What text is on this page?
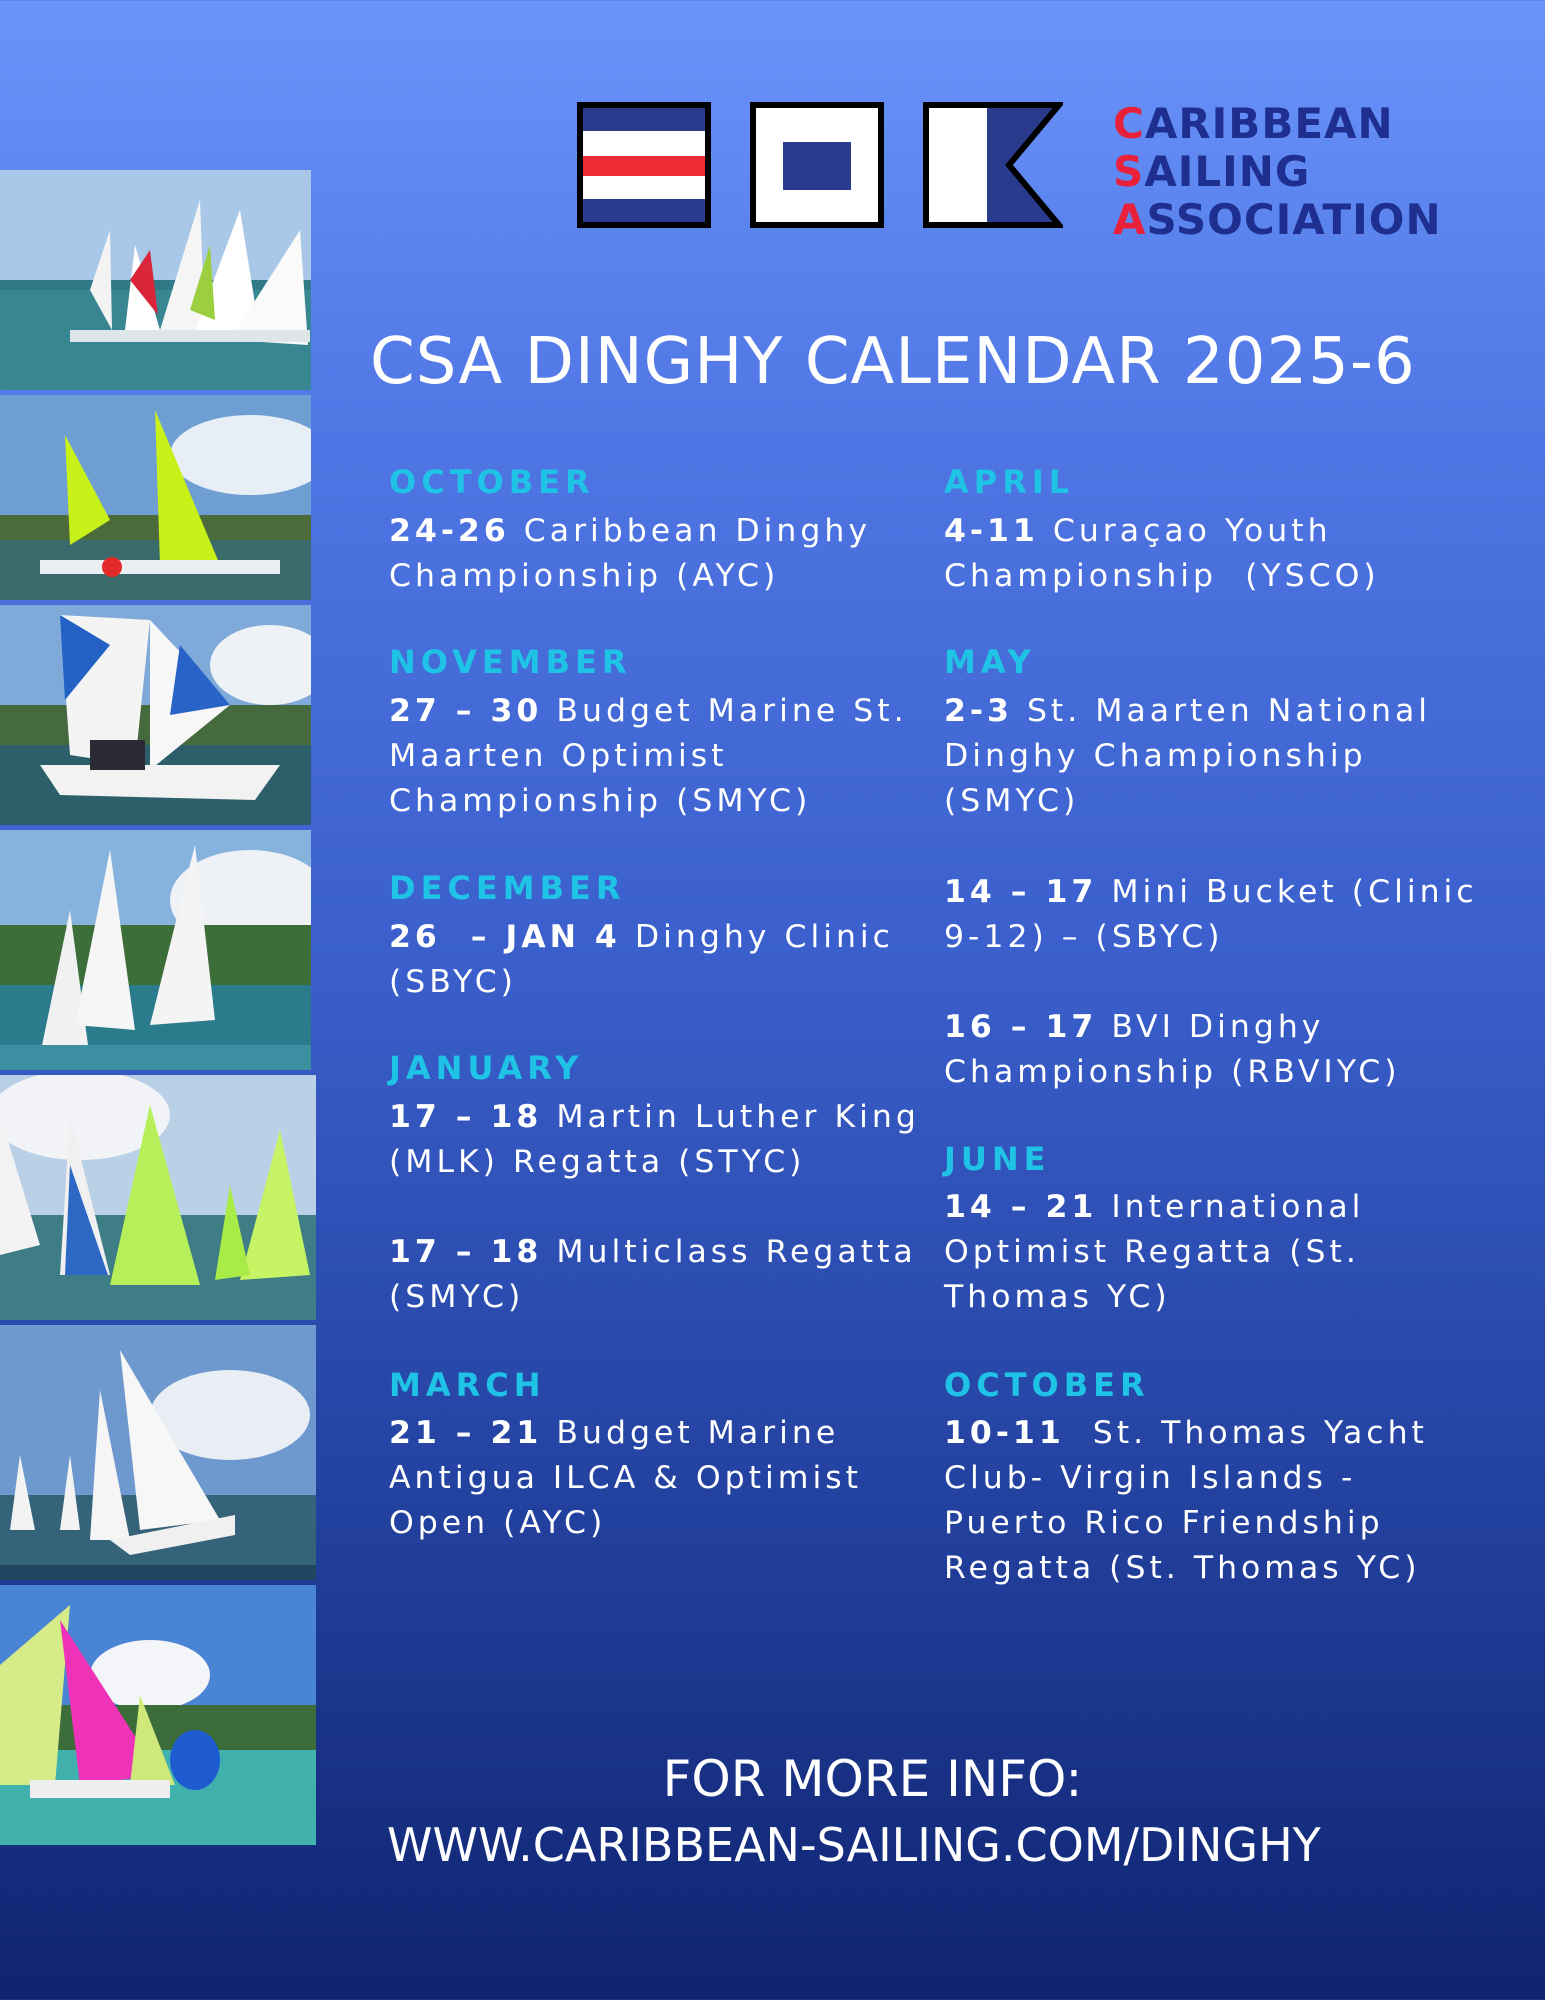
CARIBBEAN
SAILING
ASSOCIATION
CSA DINGHY CALENDAR 2025-6
OCTOBER
24-26 Caribbean Dinghy
Championship (AYC)
NOVEMBER
27 – 30 Budget Marine St.
Maarten Optimist
Championship (SMYC)
DECEMBER
26  – JAN 4 Dinghy Clinic
(SBYC)
JANUARY
17 – 18 Martin Luther King
(MLK) Regatta (STYC)
17 – 18 Multiclass Regatta
(SMYC)
MARCH
21 – 21 Budget Marine
Antigua ILCA & Optimist
Open (AYC)
APRIL
4-11 Curaçao Youth
Championship  (YSCO)
MAY
2-3 St. Maarten National
Dinghy Championship
(SMYC)
14 – 17 Mini Bucket (Clinic
9-12) – (SBYC)
16 – 17 BVI Dinghy
Championship (RBVIYC)
JUNE
14 – 21 International
Optimist Regatta (St.
Thomas YC)
OCTOBER
10-11  St. Thomas Yacht
Club- Virgin Islands -
Puerto Rico Friendship
Regatta (St. Thomas YC)
FOR MORE INFO:
WWW.CARIBBEAN-SAILING.COM/DINGHY
